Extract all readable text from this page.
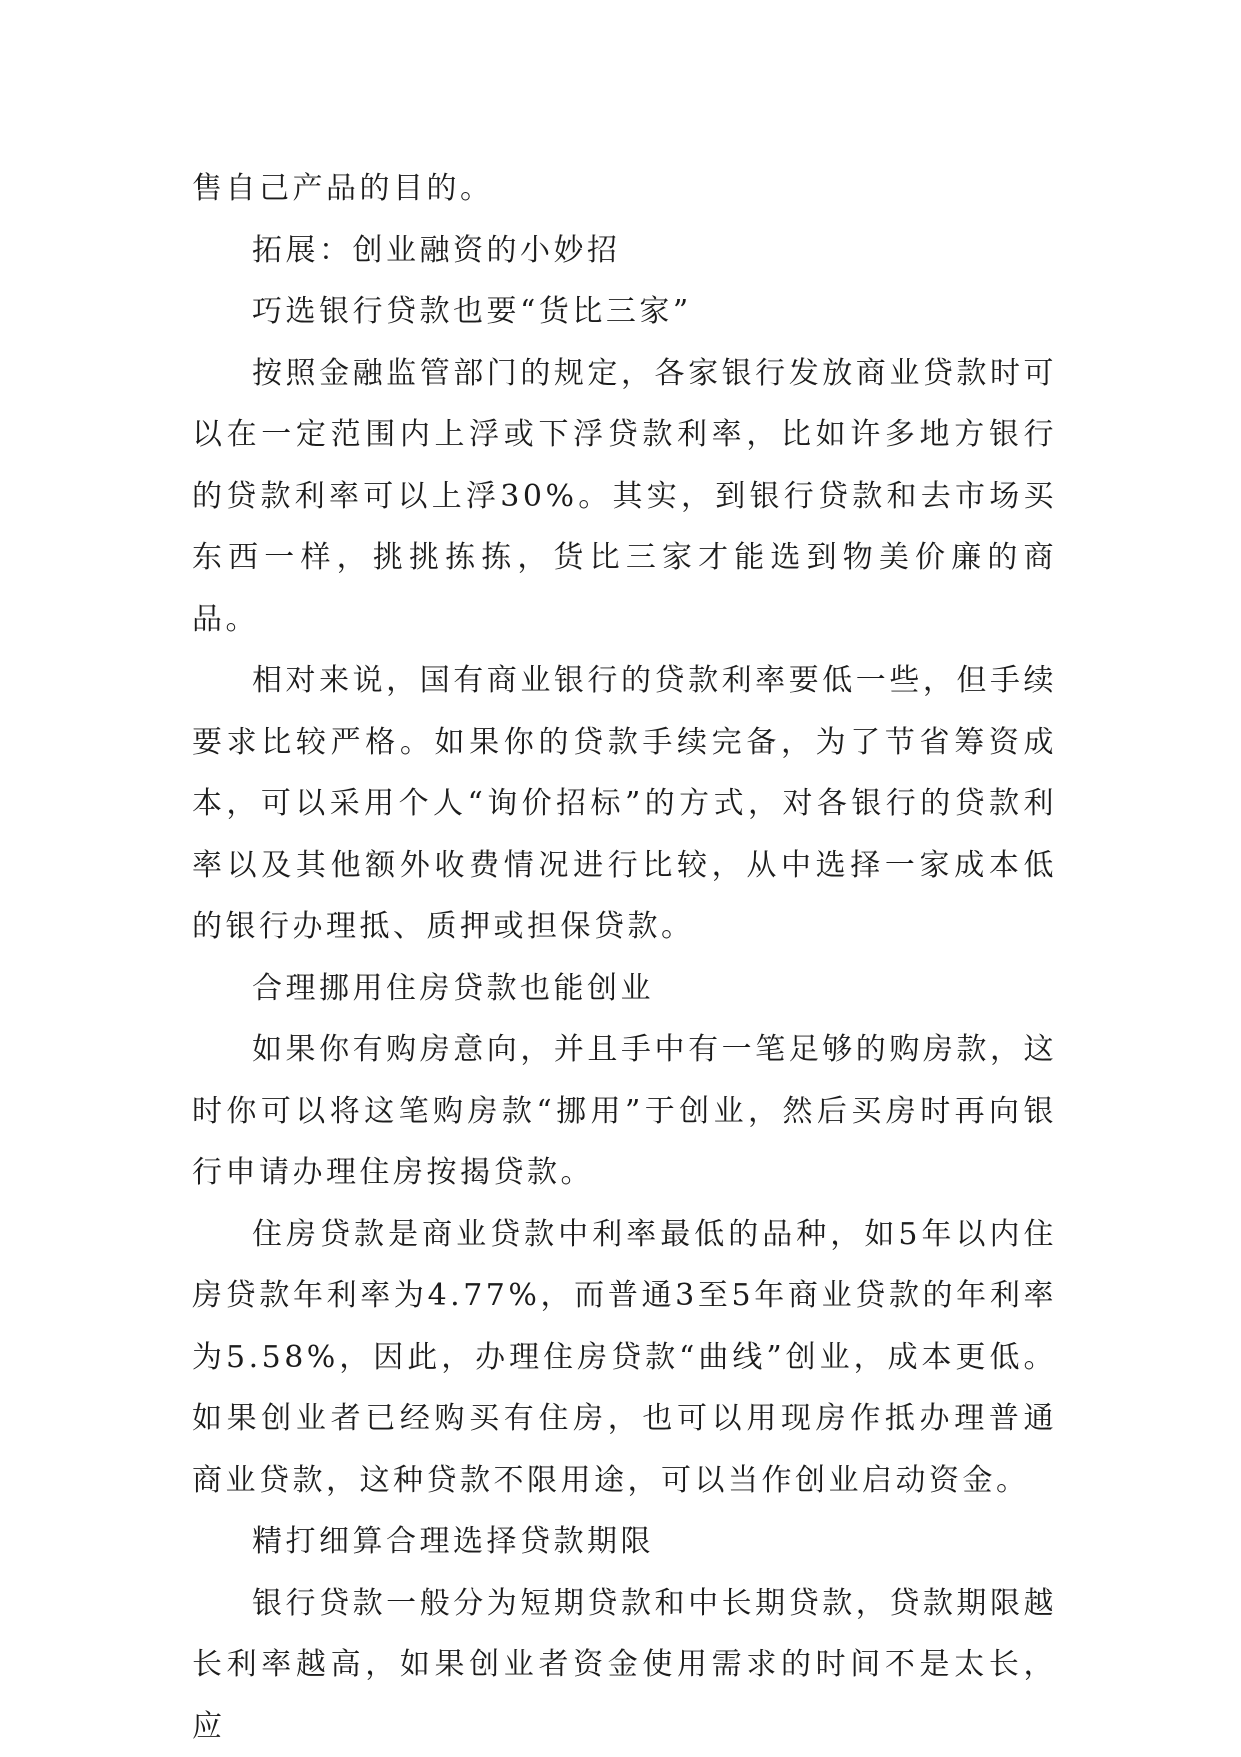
售自己产品的目的。

拓展：创业融资的小妙招

巧选银行贷款也要“货比三家”

按照金融监管部门的规定，各家银行发放商业贷款时可以在一定范围内上浮或下浮贷款利率，比如许多地方银行的贷款利率可以上浮30%。其实，到银行贷款和去市场买东西一样，挑挑拣拣，货比三家才能选到物美价廉的商品。

相对来说，国有商业银行的贷款利率要低一些，但手续要求比较严格。如果你的贷款手续完备，为了节省筹资成本，可以采用个人“询价招标”的方式，对各银行的贷款利率以及其他额外收费情况进行比较，从中选择一家成本低的银行办理抵、质押或担保贷款。

合理挪用住房贷款也能创业

如果你有购房意向，并且手中有一笔足够的购房款，这时你可以将这笔购房款“挪用”于创业，然后买房时再向银行申请办理住房按揭贷款。

住房贷款是商业贷款中利率最低的品种，如5年以内住房贷款年利率为4.77%，而普通3至5年商业贷款的年利率为5.58%，因此，办理住房贷款“曲线”创业，成本更低。如果创业者已经购买有住房，也可以用现房作抵办理普通商业贷款，这种贷款不限用途，可以当作创业启动资金。

精打细算合理选择贷款期限

银行贷款一般分为短期贷款和中长期贷款，贷款期限越长利率越高，如果创业者资金使用需求的时间不是太长，应
